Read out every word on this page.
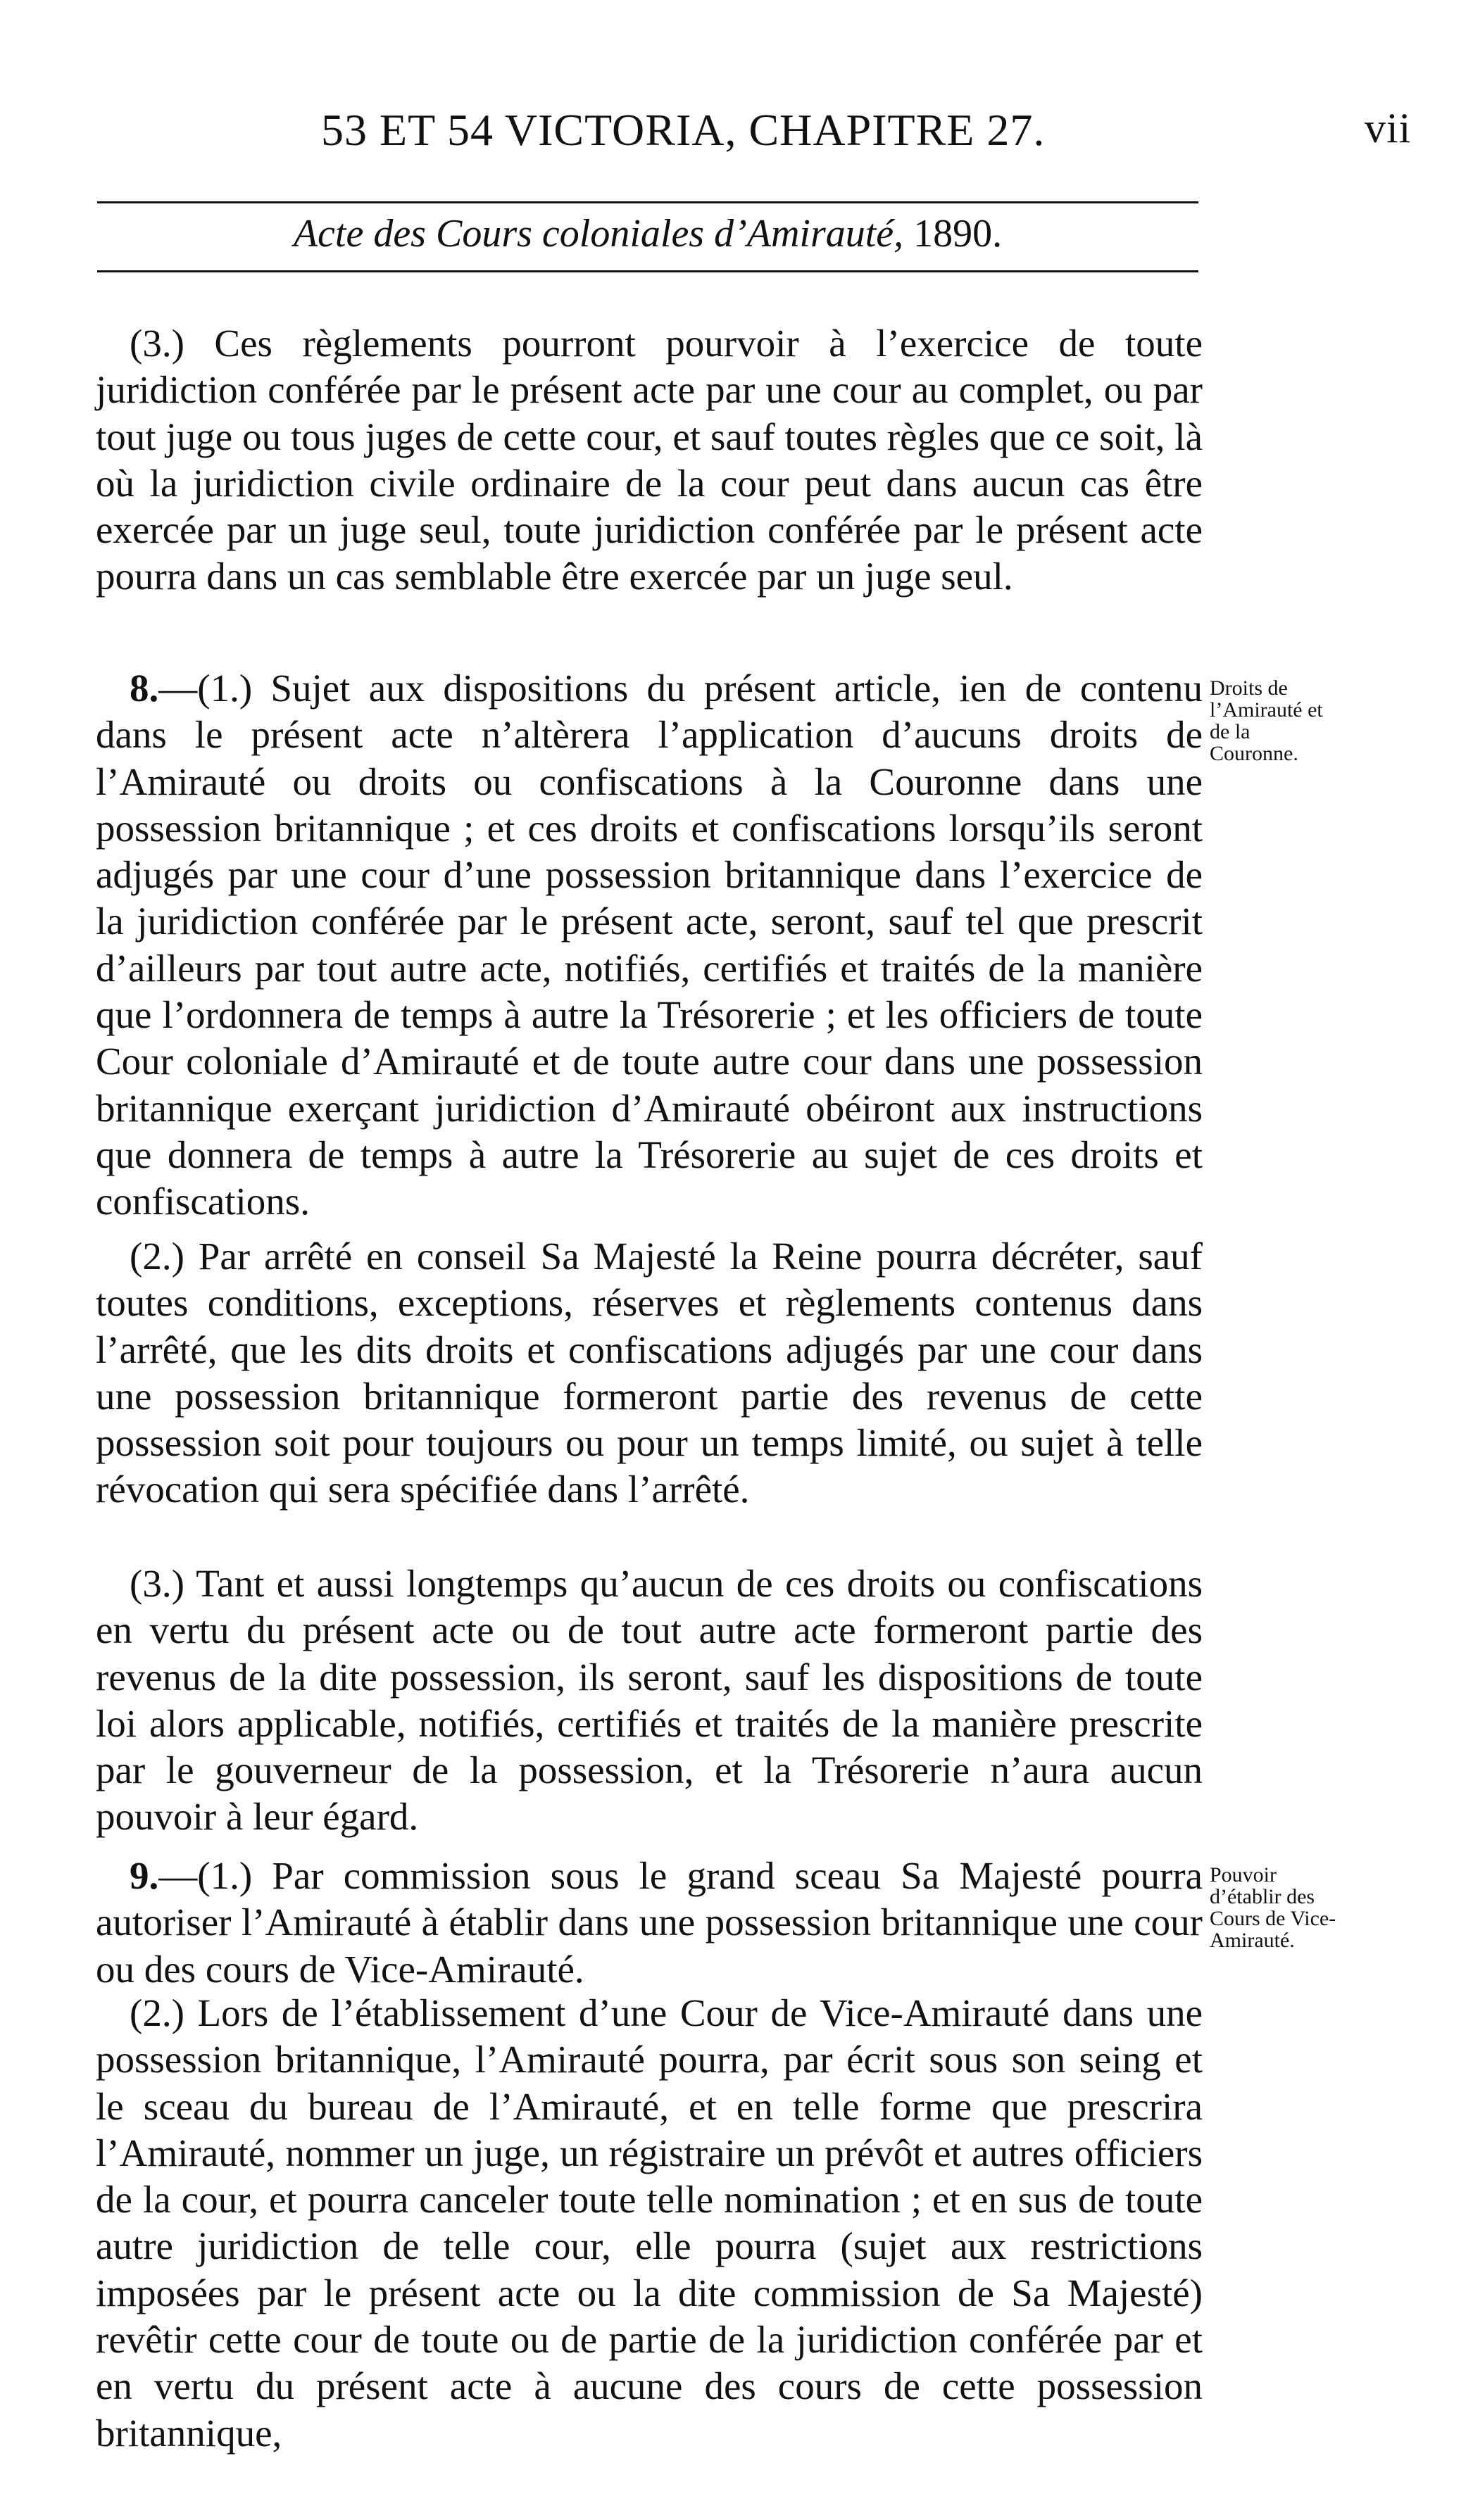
53 ET 54 VICTORIA, CHAPITRE 27.	vii
Acte des Cours coloniales d’Amirauté, 1890.
(3.) Ces règlements pourront pourvoir à l’exercice de toute juridiction conférée par le présent acte par une cour au complet, ou par tout juge ou tous juges de cette cour, et sauf toutes règles que ce soit, là où la juridiction civile ordinaire de la cour peut dans aucun cas être exercée par un juge seul, toute juridiction conférée par le présent acte pourra dans un cas semblable être exercée par un juge seul.
8.—(1.) Sujet aux dispositions du présent article, ien de contenu dans le présent acte n’altèrera l’application d’aucuns droits de l’Amirauté ou droits ou confiscations à la Couronne dans une possession britannique ; et ces droits et confiscations lorsqu’ils seront adjugés par une cour d’une possession britannique dans l’exercice de la juridiction conférée par le présent acte, seront, sauf tel que prescrit d’ailleurs par tout autre acte, notifiés, certifiés et traités de la manière que l’ordonnera de temps à autre la Trésorerie ; et les officiers de toute Cour coloniale d’Amirauté et de toute autre cour dans une possession britannique exerçant juridiction d’Amirauté obéiront aux instructions que donnera de temps à autre la Trésorerie au sujet de ces droits et confiscations.
Droits de l’Amirauté et de la Couronne.
(2.) Par arrêté en conseil Sa Majesté la Reine pourra décréter, sauf toutes conditions, exceptions, réserves et règlements contenus dans l’arrêté, que les dits droits et confiscations adjugés par une cour dans une possession britannique formeront partie des revenus de cette possession soit pour toujours ou pour un temps limité, ou sujet à telle révocation qui sera spécifiée dans l’arrêté.
(3.) Tant et aussi longtemps qu’aucun de ces droits ou confiscations en vertu du présent acte ou de tout autre acte formeront partie des revenus de la dite possession, ils seront, sauf les dispositions de toute loi alors applicable, notifiés, certifiés et traités de la manière prescrite par le gouverneur de la possession, et la Trésorerie n’aura aucun pouvoir à leur égard.
9.—(1.) Par commission sous le grand sceau Sa Majesté pourra autoriser l’Amirauté à établir dans une possession britannique une cour ou des cours de Vice-Amirauté.
Pouvoir d’établir des Cours de Vice-Amirauté.
(2.) Lors de l’établissement d’une Cour de Vice-Amirauté dans une possession britannique, l’Amirauté pourra, par écrit sous son seing et le sceau du bureau de l’Amirauté, et en telle forme que prescrira l’Amirauté, nommer un juge, un régistraire un prévôt et autres officiers de la cour, et pourra canceler toute telle nomination ; et en sus de toute autre juridiction de telle cour, elle pourra (sujet aux restrictions imposées par le présent acte ou la dite commission de Sa Majesté) revêtir cette cour de toute ou de partie de la juridiction conférée par et en vertu du présent acte à aucune des cours de cette possession britannique,
